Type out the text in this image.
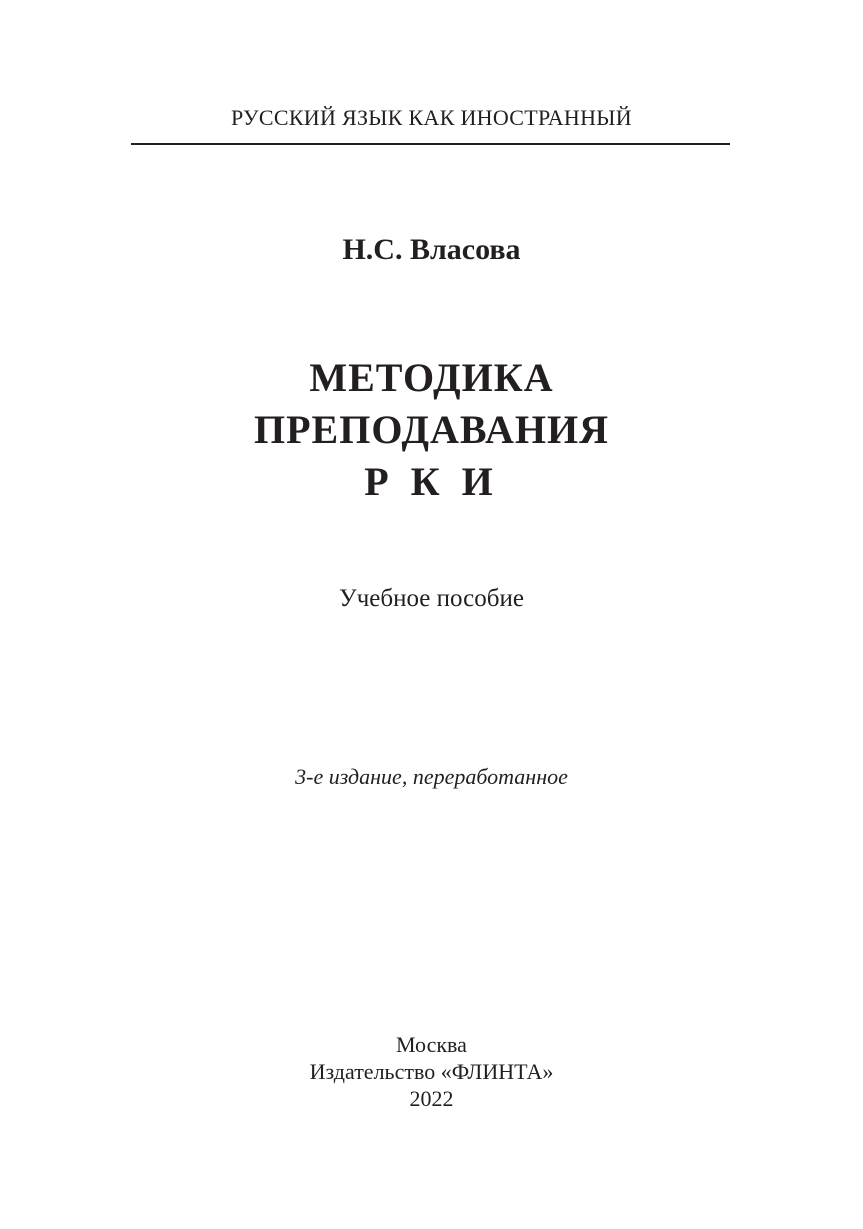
РУССКИЙ ЯЗЫК КАК ИНОСТРАННЫЙ
Н.С. Власова
МЕТОДИКА
ПРЕПОДАВАНИЯ
Р К И
Учебное пособие
3-е издание, переработанное
Москва
Издательство «ФЛИНТА»
2022
